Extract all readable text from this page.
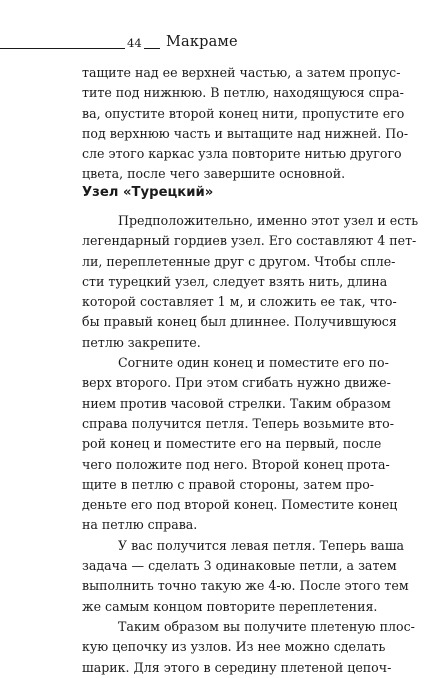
44 Макраме
тащите над ее верхней частью, а затем пропус-
тите под нижнюю. В петлю, находящуюся спра-
ва, опустите второй конец нити, пропустите его
под верхнюю часть и вытащите над нижней. По-
сле этого каркас узла повторите нитью другого
цвета, после чего завершите основной.
Узел «Турецкий»
Предположительно, именно этот узел и есть
легендарный гордиев узел. Его составляют 4 пет-
ли, переплетенные друг с другом. Чтобы спле-
сти турецкий узел, следует взять нить, длина
которой составляет 1 м, и сложить ее так, что-
бы правый конец был длиннее. Получившуюся
петлю закрепите.
Согните один конец и поместите его по-
верх второго. При этом сгибать нужно движе-
нием против часовой стрелки. Таким образом
справа получится петля. Теперь возьмите вто-
рой конец и поместите его на первый, после
чего положите под него. Второй конец прота-
щите в петлю с правой стороны, затем про-
деньте его под второй конец. Поместите конец
на петлю справа.
У вас получится левая петля. Теперь ваша
задача — сделать 3 одинаковые петли, а затем
выполнить точно такую же 4-ю. После этого тем
же самым концом повторите переплетения.
Таким образом вы получите плетеную плос-
кую цепочку из узлов. Из нее можно сделать
шарик. Для этого в середину плетеной цепоч-
